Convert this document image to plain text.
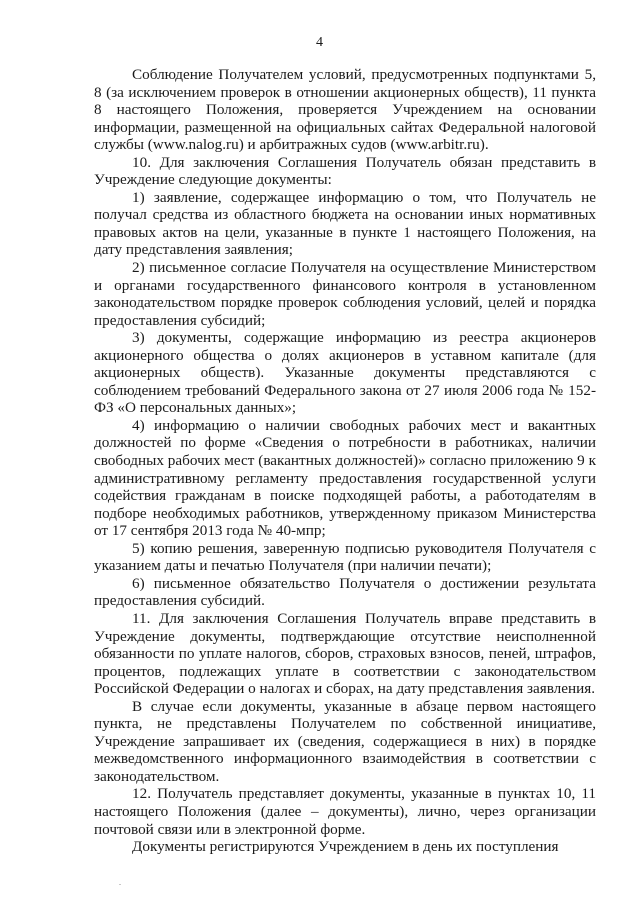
4

Соблюдение Получателем условий, предусмотренных подпунктами 5, 8 (за исключением проверок в отношении акционерных обществ), 11 пункта 8 настоящего Положения, проверяется Учреждением на основании информации, размещенной на официальных сайтах Федеральной налоговой службы (www.nalog.ru) и арбитражных судов (www.arbitr.ru).

10. Для заключения Соглашения Получатель обязан представить в Учреждение следующие документы:

1) заявление, содержащее информацию о том, что Получатель не получал средства из областного бюджета на основании иных нормативных правовых актов на цели, указанные в пункте 1 настоящего Положения, на дату представления заявления;

2) письменное согласие Получателя на осуществление Министерством и органами государственного финансового контроля в установленном законодательством порядке проверок соблюдения условий, целей и порядка предоставления субсидий;

3) документы, содержащие информацию из реестра акционеров акционерного общества о долях акционеров в уставном капитале (для акционерных обществ). Указанные документы представляются с соблюдением требований Федерального закона от 27 июля 2006 года № 152-ФЗ «О персональных данных»;

4) информацию о наличии свободных рабочих мест и вакантных должностей по форме «Сведения о потребности в работниках, наличии свободных рабочих мест (вакантных должностей)» согласно приложению 9 к административному регламенту предоставления государственной услуги содействия гражданам в поиске подходящей работы, а работодателям в подборе необходимых работников, утвержденному приказом Министерства от 17 сентября 2013 года № 40-мпр;

5) копию решения, заверенную подписью руководителя Получателя с указанием даты и печатью Получателя (при наличии печати);

6) письменное обязательство Получателя о достижении результата предоставления субсидий.

11. Для заключения Соглашения Получатель вправе представить в Учреждение документы, подтверждающие отсутствие неисполненной обязанности по уплате налогов, сборов, страховых взносов, пеней, штрафов, процентов, подлежащих уплате в соответствии с законодательством Российской Федерации о налогах и сборах, на дату представления заявления.

В случае если документы, указанные в абзаце первом настоящего пункта, не представлены Получателем по собственной инициативе, Учреждение запрашивает их (сведения, содержащиеся в них) в порядке межведомственного информационного взаимодействия в соответствии с законодательством.

12. Получатель представляет документы, указанные в пунктах 10, 11 настоящего Положения (далее – документы), лично, через организации почтовой связи или в электронной форме.

Документы регистрируются Учреждением в день их поступления
